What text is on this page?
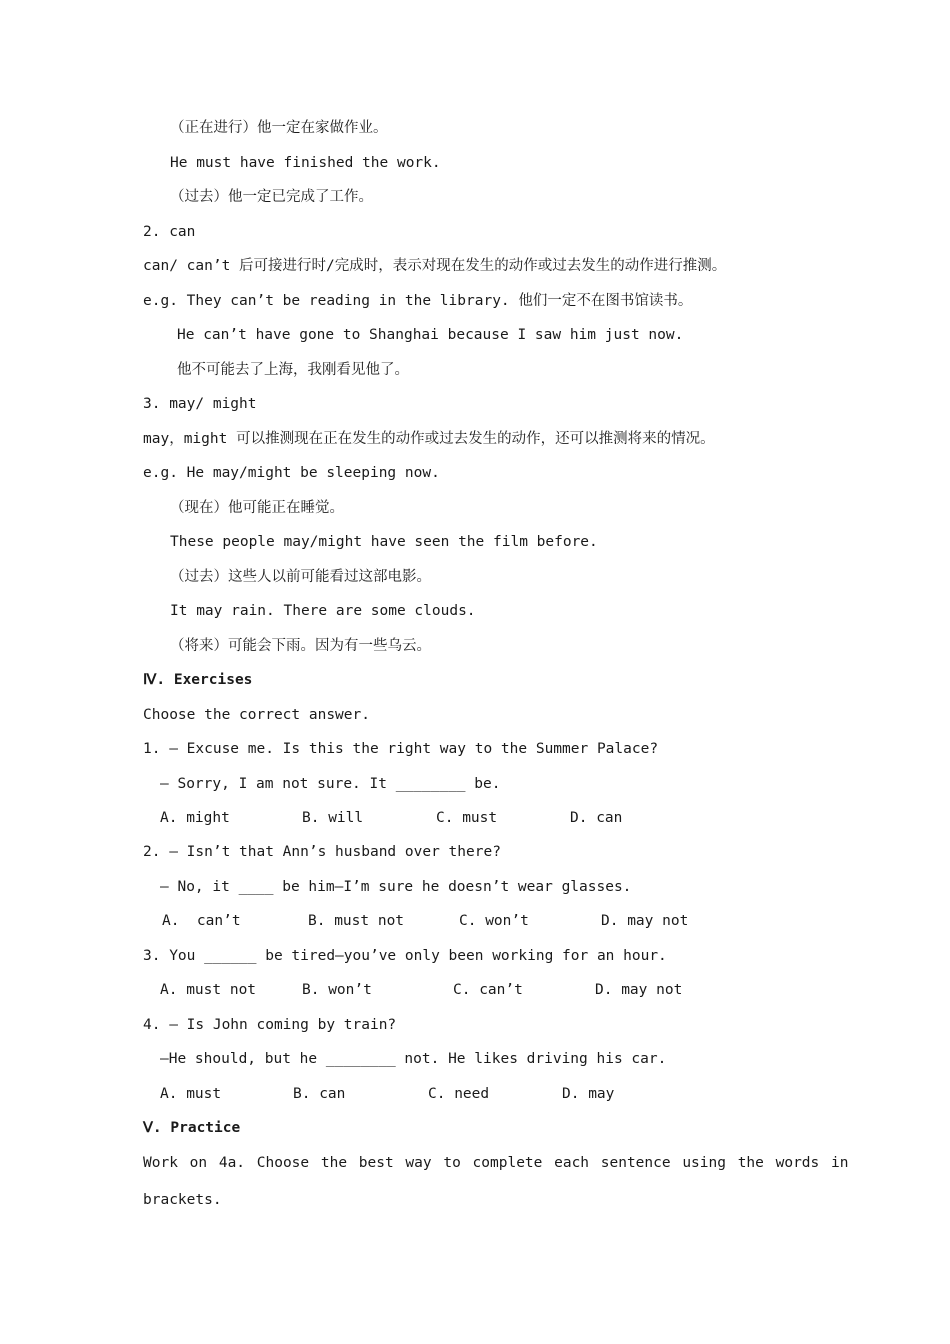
（正在进行）他一定在家做作业。
He must have finished the work.
（过去）他一定已完成了工作。
2. can
can/ can’t 后可接进行时/完成时，表示对现在发生的动作或过去发生的动作进行推测。
e.g. They can’t be reading in the library. 他们一定不在图书馆读书。
He can’t have gone to Shanghai because I saw him just now.
他不可能去了上海，我刚看见他了。
3. may/ might
may，might 可以推测现在正在发生的动作或过去发生的动作，还可以推测将来的情况。
e.g. He may/might be sleeping now.
（现在）他可能正在睡觉。
These people may/might have seen the film before.
（过去）这些人以前可能看过这部电影。
It may rain. There are some clouds.
（将来）可能会下雨。因为有一些乌云。
Ⅳ. Exercises
Choose the correct answer.
1. — Excuse me. Is this the right way to the Summer Palace?
— Sorry, I am not sure. It ________ be.
A. might	B. will	C. must	D. can
2. — Isn’t that Ann’s husband over there?
— No, it ____ be him—I’m sure he doesn’t wear glasses.
A.  can’t	B. must not	C. won’t	D. may not
3. You ______ be tired—you’ve only been working for an hour.
A. must not	B. won’t	C. can’t	D. may not
4. — Is John coming by train?
—He should, but he ________ not. He likes driving his car.
A. must	B. can	C. need	D. may
Ⅴ. Practice
Work on 4a. Choose the best way to complete each sentence using the words in
brackets.
